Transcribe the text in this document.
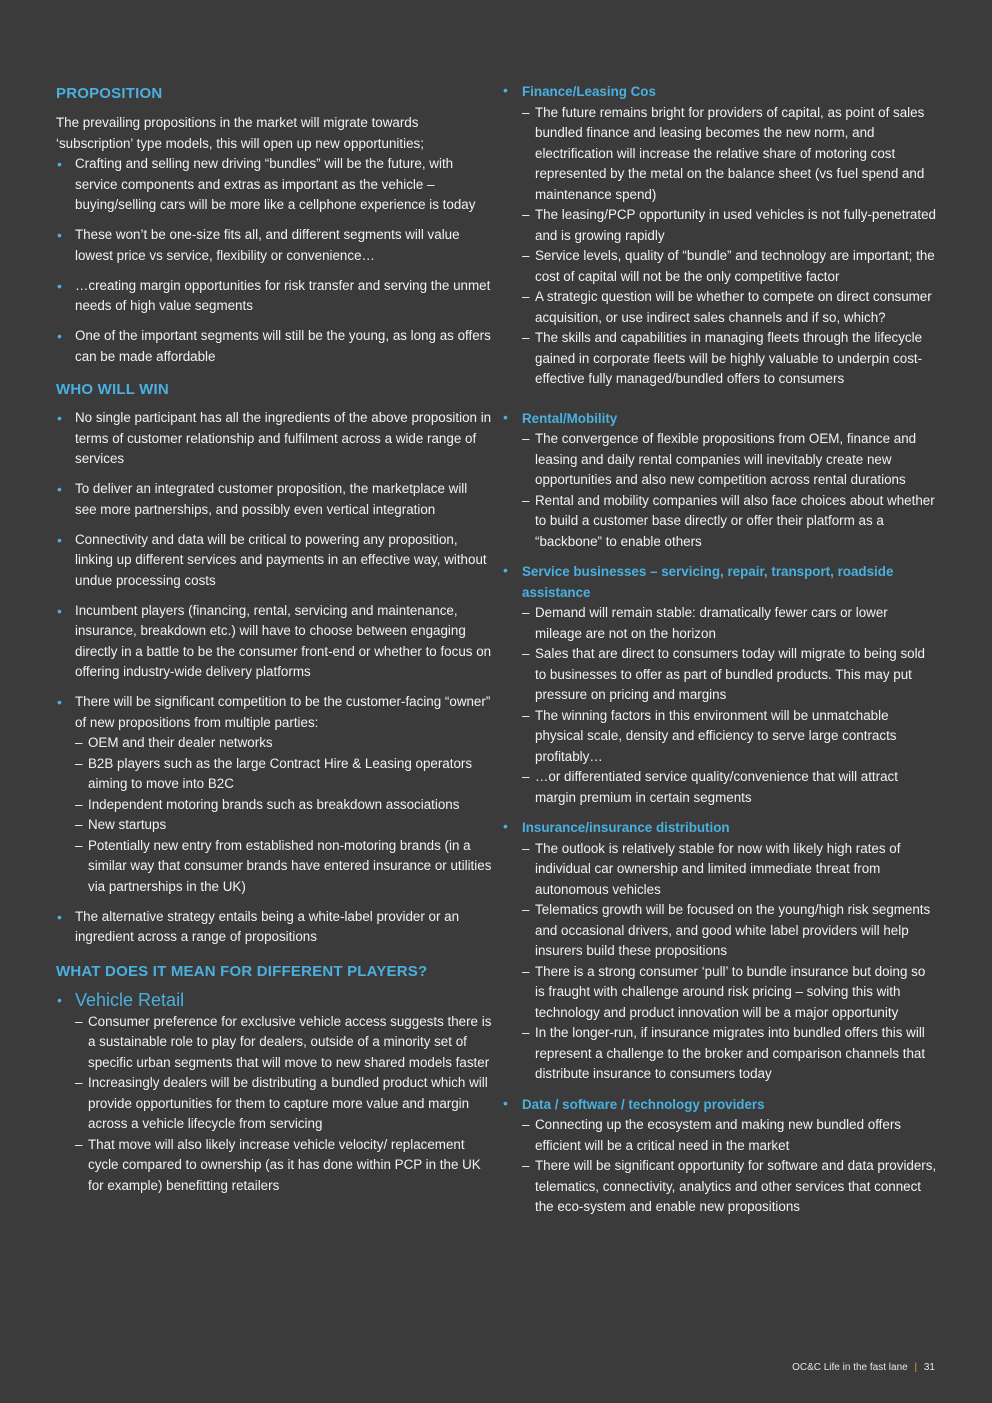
PROPOSITION

The prevailing propositions in the market will migrate towards ‘subscription’ type models, this will open up new opportunities;

• Crafting and selling new driving “bundles” will be the future, with service components and extras as important as the vehicle – buying/selling cars will be more like a cellphone experience is today
• These won’t be one-size fits all, and different segments will value lowest price vs service, flexibility or convenience…
• …creating margin opportunities for risk transfer and serving the unmet needs of high value segments
• One of the important segments will still be the young, as long as offers can be made affordable
WHO WILL WIN
• No single participant has all the ingredients of the above proposition in terms of customer relationship and fulfilment across a wide range of services
• To deliver an integrated customer proposition, the marketplace will see more partnerships, and possibly even vertical integration
• Connectivity and data will be critical to powering any proposition, linking up different services and payments in an effective way, without undue processing costs
• Incumbent players (financing, rental, servicing and maintenance, insurance, breakdown etc.) will have to choose between engaging directly in a battle to be the consumer front-end or whether to focus on offering industry-wide delivery platforms
• There will be significant competition to be the customer-facing “owner” of new propositions from multiple parties:
– OEM and their dealer networks
– B2B players such as the large Contract Hire & Leasing operators aiming to move into B2C
– Independent motoring brands such as breakdown associations
– New startups
– Potentially new entry from established non-motoring brands (in a similar way that consumer brands have entered insurance or utilities via partnerships in the UK)
• The alternative strategy entails being a white-label provider or an ingredient across a range of propositions
WHAT DOES IT MEAN FOR DIFFERENT PLAYERS?
• Vehicle Retail
– Consumer preference for exclusive vehicle access suggests there is a sustainable role to play for dealers, outside of a minority set of specific urban segments that will move to new shared models faster
– Increasingly dealers will be distributing a bundled product which will provide opportunities for them to capture more value and margin across a vehicle lifecycle from servicing
– That move will also likely increase vehicle velocity/ replacement cycle compared to ownership (as it has done within PCP in the UK for example) benefitting retailers
• Finance/Leasing Cos
– The future remains bright for providers of capital, as point of sales bundled finance and leasing becomes the new norm, and electrification will increase the relative share of motoring cost represented by the metal on the balance sheet (vs fuel spend and maintenance spend)
– The leasing/PCP opportunity in used vehicles is not fully-penetrated and is growing rapidly
– Service levels, quality of “bundle” and technology are important; the cost of capital will not be the only competitive factor
– A strategic question will be whether to compete on direct consumer acquisition, or use indirect sales channels and if so, which?
– The skills and capabilities in managing fleets through the lifecycle gained in corporate fleets will be highly valuable to underpin cost-effective fully managed/bundled offers to consumers
• Rental/Mobility
– The convergence of flexible propositions from OEM, finance and leasing and daily rental companies will inevitably create new opportunities and also new competition across rental durations
– Rental and mobility companies will also face choices about whether to build a customer base directly or offer their platform as a “backbone” to enable others
• Service businesses – servicing, repair, transport, roadside assistance
– Demand will remain stable: dramatically fewer cars or lower mileage are not on the horizon
– Sales that are direct to consumers today will migrate to being sold to businesses to offer as part of bundled products. This may put pressure on pricing and margins
– The winning factors in this environment will be unmatchable physical scale, density and efficiency to serve large contracts profitably…
– …or differentiated service quality/convenience that will attract margin premium in certain segments
• Insurance/insurance distribution
– The outlook is relatively stable for now with likely high rates of individual car ownership and limited immediate threat from autonomous vehicles
– Telematics growth will be focused on the young/high risk segments and occasional drivers, and good white label providers will help insurers build these propositions
– There is a strong consumer ‘pull’ to bundle insurance but doing so is fraught with challenge around risk pricing – solving this with technology and product innovation will be a major opportunity
– In the longer-run, if insurance migrates into bundled offers this will represent a challenge to the broker and comparison channels that distribute insurance to consumers today
• Data / software / technology providers
– Connecting up the ecosystem and making new bundled offers efficient will be a critical need in the market
– There will be significant opportunity for software and data providers, telematics, connectivity, analytics and other services that connect the eco-system and enable new propositions
OC&C Life in the fast lane | 31
